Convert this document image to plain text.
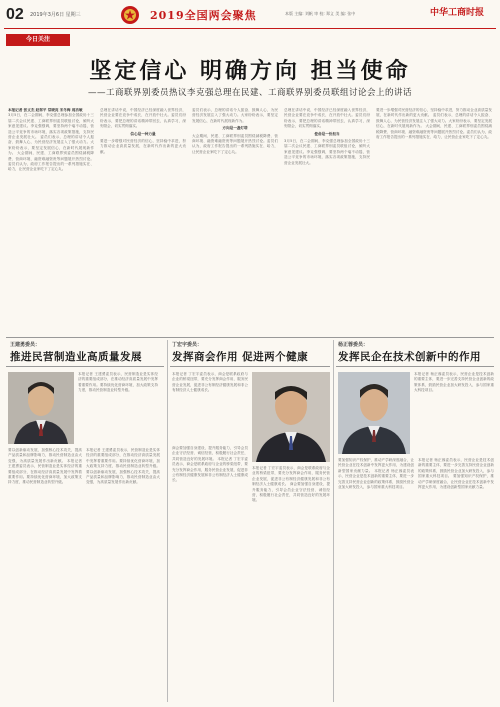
02 2019年3月6日 星期三	2019全国两会聚焦	本版 主编: 刘帆 审 校: 郑义 美 编: 张中	中华工商时报
今日关注
坚定信心 明确方向 担当使命
——工商联界别委员热议李克强总理在民建、工商联界别委员联组讨论会上的讲话
本报记者 张文杰 赵翠平 常晓亮 宋冬梅 周洁敏
3月5日，在二会期间，李克强总理参加全国政协十三届二次会议民建、工商联界别委员联组讨论，倾听大家意见建议。李克强强调，要坚持两个毫不动摇，营造公平竞争的市场环境，落实各项政策措施，支持民营企业发展壮大。 委员们表示，总理的讲话令人振奋、鼓舞人心，为民营经济发展注入了强大动力。大家纷纷表示，要坚定发展信心，在新时代展现新作为。 大会期间，民建、工商联界别委员围绕减税降费、营商环境、融资难融资贵等问题展开热烈讨论。委员们认为，政府工作报告提出的一系列措施实在、给力，让民营企业家吃下了定心丸。
总理在讲话中说，中国经济已经深度融入世界经济，民营企业要在竞争中成长，在开放中壮大。委员们纷纷表示，要把总理的讲话精神带回去，认真学习，深刻领会，切实贯彻落实。
信心是一种力量
要进一步增强对民营经济的信心，坚持稳中求进，努力推动企业高质量发展，在新时代作出新的更大贡献。
委员们表示，总理的讲话令人振奋、鼓舞人心，为民营经济发展注入了强大动力。大家纷纷表示，要坚定发展信心，在新时代展现新作为。
方向是一盏灯塔
大会期间，民建、工商联界别委员围绕减税降费、营商环境、融资难融资贵等问题展开热烈讨论。委员们认为，政府工作报告提出的一系列措施实在、给力，让民营企业家吃下了定心丸。
总理在讲话中说，中国经济已经深度融入世界经济，民营企业要在竞争中成长，在开放中壮大。委员们纷纷表示，要把总理的讲话精神带回去，认真学习，深刻领会，切实贯彻落实。
使命是一份担当
3月5日，在二会期间，李克强总理参加全国政协十三届二次会议民建、工商联界别委员联组讨论，倾听大家意见建议。李克强强调，要坚持两个毫不动摇，营造公平竞争的市场环境，落实各项政策措施，支持民营企业发展壮大。
要进一步增强对民营经济的信心，坚持稳中求进，努力推动企业高质量发展，在新时代作出新的更大贡献。 委员们表示，总理的讲话令人振奋、鼓舞人心，为民营经济发展注入了强大动力。大家纷纷表示，要坚定发展信心，在新时代展现新作为。 大会期间，民建、工商联界别委员围绕减税降费、营商环境、融资难融资贵等问题展开热烈讨论。委员们认为，政府工作报告提出的一系列措施实在、给力，让民营企业家吃下了定心丸。
王建勇委员：
推进民营制造业高质量发展
本报记者 王建勇委员表示，民营制造业是实体经济的重要组成部分，在推动经济高质量发展中发挥着重要作用。要持续优化营商环境，加大政策支持力度，推动民营制造业转型升级。
要以创新驱动发展，加强核心技术攻关，提高产品质量和品牌影响力，推动民营制造业由大变强，为高质量发展作出新贡献。 本报记者 王建勇委员表示，民营制造业是实体经济的重要组成部分，在推动经济高质量发展中发挥着重要作用。要持续优化营商环境，加大政策支持力度，推动民营制造业转型升级。
本报记者 王建勇委员表示，民营制造业是实体经济的重要组成部分，在推动经济高质量发展中发挥着重要作用。要持续优化营商环境，加大政策支持力度，推动民营制造业转型升级。 要以创新驱动发展，加强核心技术攻关，提高产品质量和品牌影响力，推动民营制造业由大变强，为高质量发展作出新贡献。
丁宏宇委员：
发挥商会作用 促进两个健康
本报记者 丁宏宇委员表示，商会是联系政府与企业的桥梁纽带，要充分发挥商会作用，服务民营企业发展，促进非公有制经济健康发展和非公有制经济人士健康成长。
商会要加强自身建设，提升服务能力，引导会员企业守法经营、诚信经营，积极履行社会责任，共同营造良好的发展环境。 本报记者 丁宏宇委员表示，商会是联系政府与企业的桥梁纽带，要充分发挥商会作用，服务民营企业发展，促进非公有制经济健康发展和非公有制经济人士健康成长。
本报记者 丁宏宇委员表示，商会是联系政府与企业的桥梁纽带，要充分发挥商会作用，服务民营企业发展，促进非公有制经济健康发展和非公有制经济人士健康成长。 商会要加强自身建设，提升服务能力，引导会员企业守法经营、诚信经营，积极履行社会责任，共同营造良好的发展环境。
杨正蓉委员：
发挥民企在技术创新中的作用
本报记者 杨正蓉委员表示，民营企业是技术创新的重要主体，要进一步完善支持民营企业创新的政策体系，鼓励民营企业加大研发投入，参与国家重大科技项目。
要加强知识产权保护，推动产学研深度融合，让民营企业在技术创新中发挥更大作用，为建设创新型国家贡献力量。 本报记者 杨正蓉委员表示，民营企业是技术创新的重要主体，要进一步完善支持民营企业创新的政策体系，鼓励民营企业加大研发投入，参与国家重大科技项目。
本报记者 杨正蓉委员表示，民营企业是技术创新的重要主体，要进一步完善支持民营企业创新的政策体系，鼓励民营企业加大研发投入，参与国家重大科技项目。 要加强知识产权保护，推动产学研深度融合，让民营企业在技术创新中发挥更大作用，为建设创新型国家贡献力量。
